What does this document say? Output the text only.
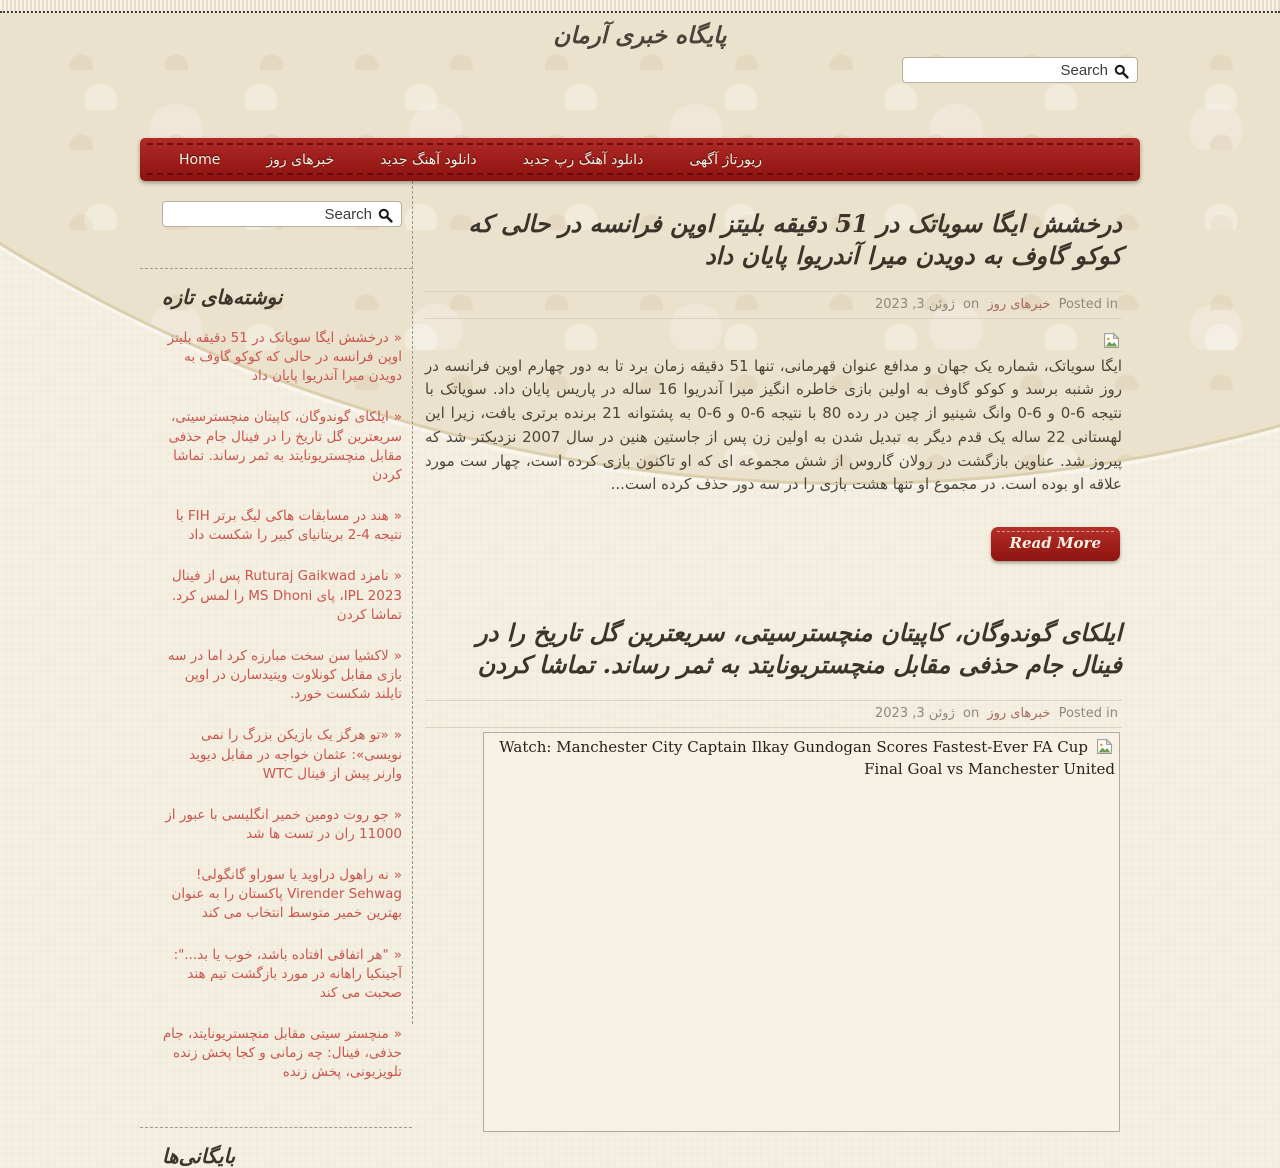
پایگاه خبری آرمان
Search
Home	خبرهای روز	دانلود آهنگ جدید	دانلود آهنگ رپ جدید	ریورتاژ آگهی
Search
نوشته‌های تازه
«درخشش ایگا سویاتک در 51 دقیقه بلیتز اوپن فرانسه در حالی که کوکو گاوف به دویدن میرا آندریوا پایان داد
«ایلکای گوندوگان، کاپیتان منچسترسیتی، سریعترین گل تاریخ را در فینال جام حذفی مقابل منچستریونایتد به ثمر رساند. تماشا کردن
«هند در مسابقات هاکی لیگ برتر FIH با نتیجه 4-2 بریتانیای کبیر را شکست داد
«نامزد Ruturaj Gaikwad پس از فینال IPL 2023، پای MS Dhoni را لمس کرد. تماشا کردن
«لاکشیا سن سخت مبارزه کرد اما در سه بازی مقابل کونلاوت ویتیدسارن در اوپن تایلند شکست خورد.
««تو هرگز یک بازیکن بزرگ را نمی نویسی»: عثمان خواجه در مقابل دیوید وارنر پیش از فینال WTC
«جو روت دومین خمیر انگلیسی با عبور از 11000 ران در تست ها شد
«نه راهول دراوید یا سوراو گانگولی! Virender Sehwag پاکستان را به عنوان بهترین خمیر متوسط انتخاب می کند
«"هر اتفاقی افتاده باشد، خوب یا بد...": آجینکیا راهانه در مورد بازگشت تیم هند صحبت می کند
«منچستر سیتی مقابل منچستریونایتد، جام حذفی، فینال: چه زمانی و کجا پخش زنده تلویزیونی، پخش زنده
بایگانی‌ها
درخشش ایگا سویاتک در 51 دقیقه بلیتز اوپن فرانسه در حالی که کوکو گاوف به دویدن میرا آندریوا پایان داد
Posted in خبرهای روز on ژوئن 3, 2023

ایگا سویاتک، شماره یک جهان و مدافع عنوان قهرمانی، تنها 51 دقیقه زمان برد تا به دور چهارم اوپن فرانسه در روز شنبه برسد و کوکو گاوف به اولین بازی خاطره انگیز میرا آندریوا 16 ساله در پاریس پایان داد. سویاتک با نتیجه 6-0 و 6-0 وانگ شینیو از چین در رده 80 با نتیجه 6-0 و 6-0 به پشتوانه 21 برنده برتری یافت، زیرا این لهستانی 22 ساله یک قدم دیگر به تبدیل شدن به اولین زن پس از جاستین هنین در سال 2007 نزدیکتر شد که پیروز شد. عناوین بازگشت در رولان گاروس از شش مجموعه ای که او تاکنون بازی کرده است، چهار ست مورد علاقه او بوده است. در مجموع او تنها هشت بازی را در سه دور حذف کرده است...

Read More
ایلکای گوندوگان، کاپیتان منچسترسیتی، سریعترین گل تاریخ را در فینال جام حذفی مقابل منچستریونایتد به ثمر رساند. تماشا کردن
Posted in خبرهای روز on ژوئن 3, 2023
Watch: Manchester City Captain Ilkay Gundogan Scores Fastest-Ever FA Cup Final Goal vs Manchester United
